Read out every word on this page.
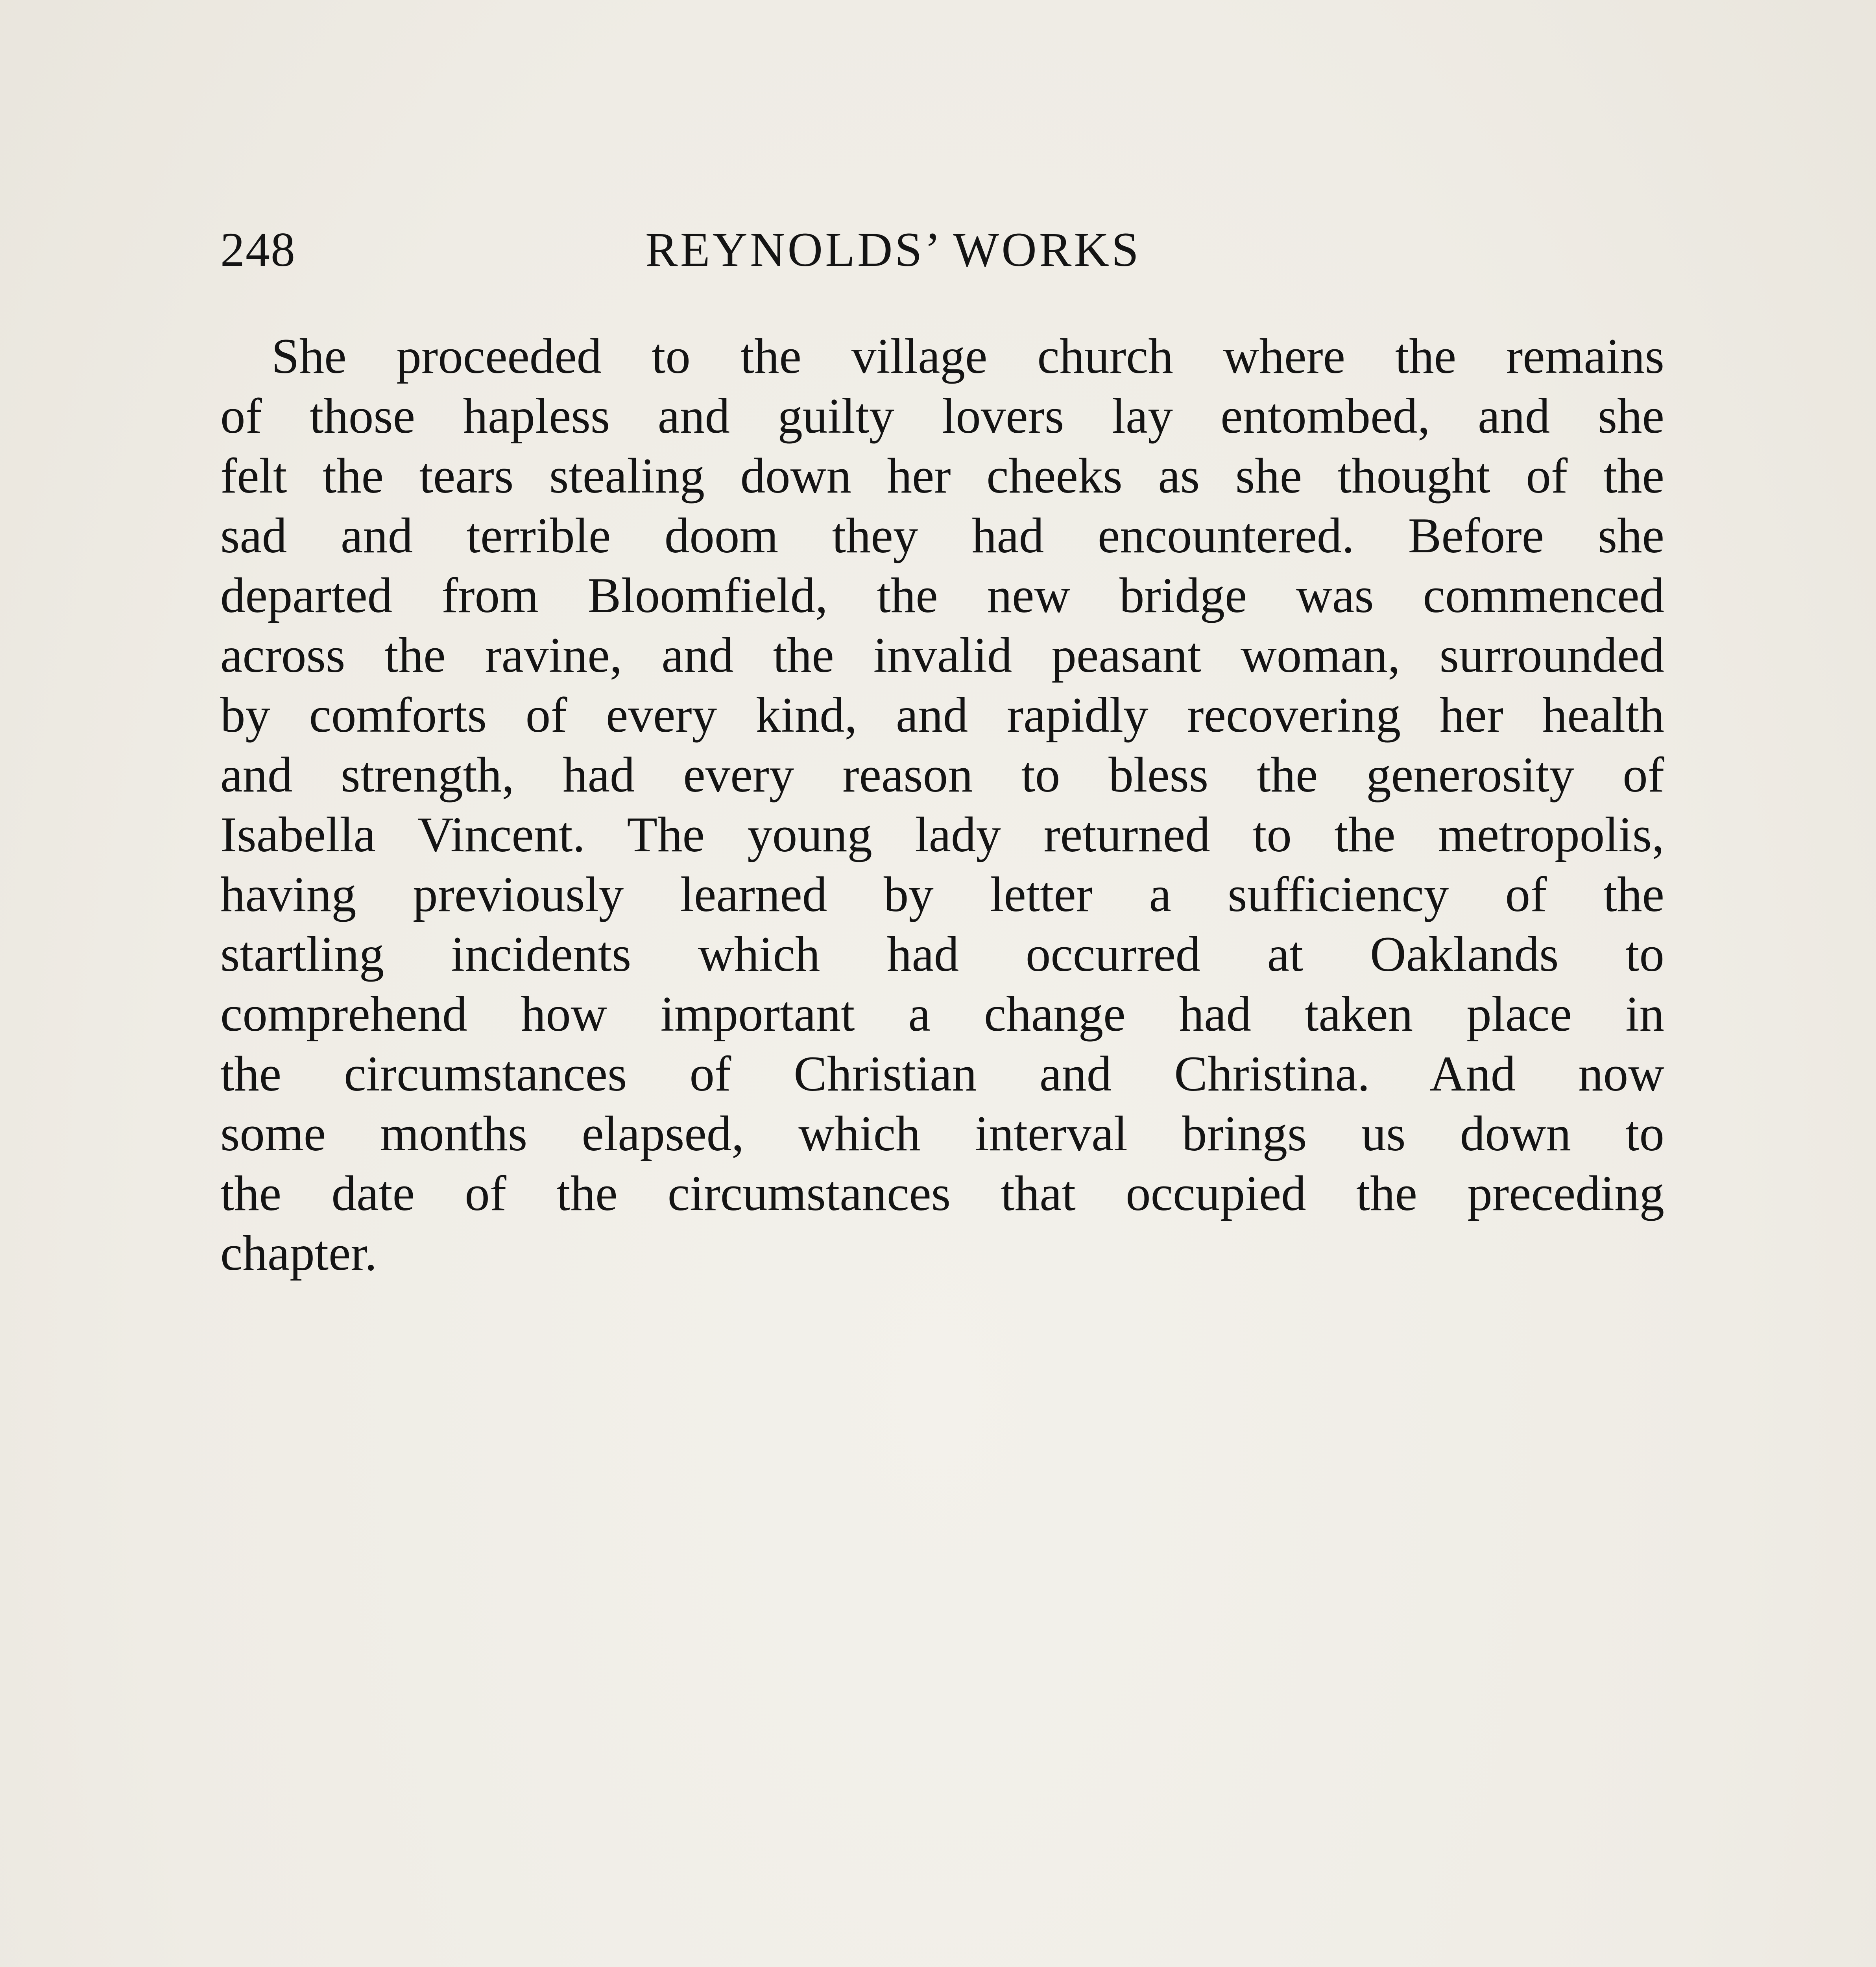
248	REYNOLDS’ WORKS
She proceeded to the village church where the remains
of those hapless and guilty lovers lay entombed, and she
felt the tears stealing down her cheeks as she thought of the
sad and terrible doom they had encountered. Before she
departed from Bloomfield, the new bridge was commenced
across the ravine, and the invalid peasant woman, surrounded
by comforts of every kind, and rapidly recovering her health
and strength, had every reason to bless the generosity of
Isabella Vincent. The young lady returned to the metropolis,
having previously learned by letter a sufficiency of the
startling incidents which had occurred at Oaklands to
comprehend how important a change had taken place in
the circumstances of Christian and Christina. And now
some months elapsed, which interval brings us down to
the date of the circumstances that occupied the preceding
chapter.
